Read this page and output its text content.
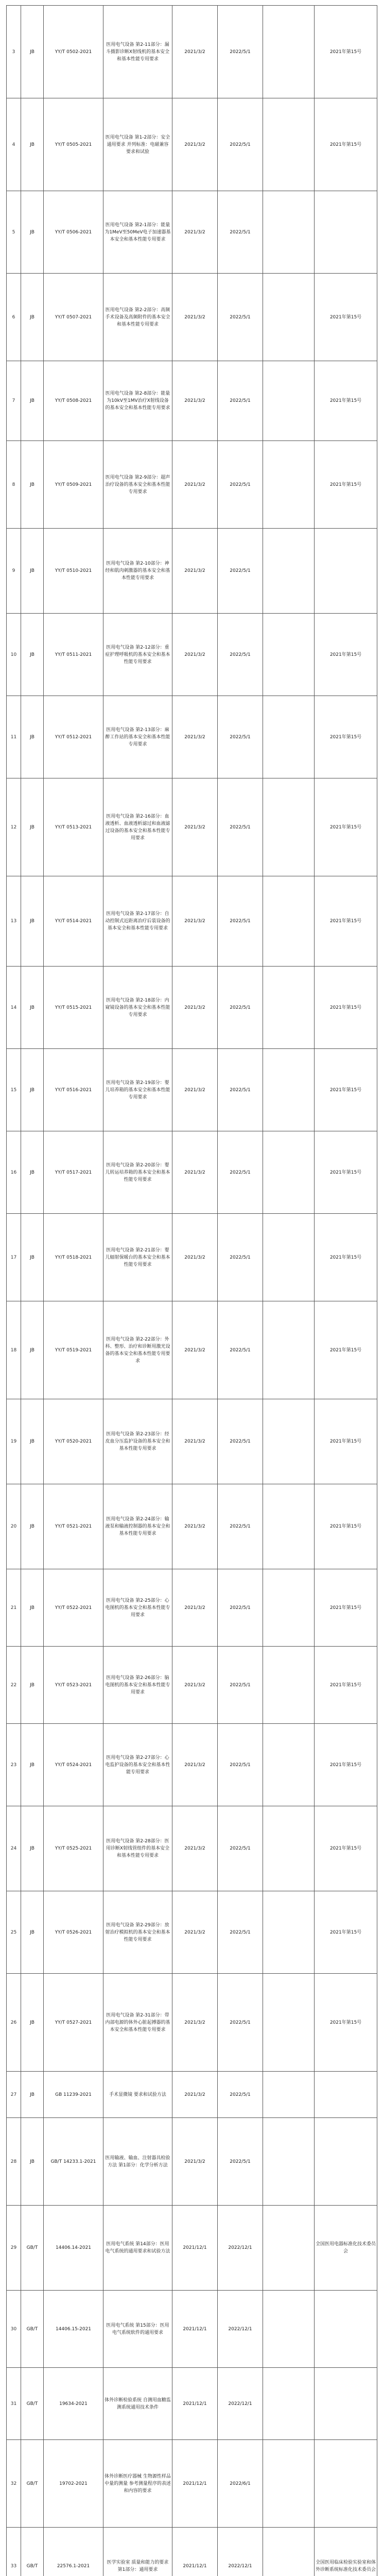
3	JB	YY/T 0502-2021	医用电气设备 第2-11部分：漏斗摄影诊断X射线机的基本安全和基本性能专用要求	2021/3/2	2022/5/1		2021年第15号
4	JB	YY/T 0505-2021	医用电气设备 第1-2部分：安全通用要求 并列标准：电磁兼容 要求和试验	2021/3/2	2022/5/1		2021年第15号
5	JB	YY/T 0506-2021	医用电气设备 第2-1部分：能量为1MeV至50MeV电子加速器基本安全和基本性能专用要求	2021/3/2	2022/5/1		
6	JB	YY/T 0507-2021	医用电气设备 第2-2部分：高频手术设备及高频附件的基本安全和基本性能专用要求	2021/3/2	2022/5/1		2021年第15号
7	JB	YY/T 0508-2021	医用电气设备 第2-8部分：能量为10kV至1MV治疗X射线设备的基本安全和基本性能专用要求	2021/3/2	2022/5/1		2021年第15号
8	JB	YY/T 0509-2021	医用电气设备 第2-9部分：超声治疗设备的基本安全和基本性能专用要求	2021/3/2	2022/5/1		2021年第15号
9	JB	YY/T 0510-2021	医用电气设备 第2-10部分：神经和肌肉刺激器的基本安全和基本性能专用要求	2021/3/2	2022/5/1		
10	JB	YY/T 0511-2021	医用电气设备 第2-12部分：重症护理呼吸机的基本安全和基本性能专用要求	2021/3/2	2022/5/1		2021年第15号
11	JB	YY/T 0512-2021	医用电气设备 第2-13部分：麻醉工作站的基本安全和基本性能专用要求	2021/3/2	2022/5/1		2021年第15号
12	JB	YY/T 0513-2021	医用电气设备 第2-16部分：血液透析、血液透析滤过和血液滤过设备的基本安全和基本性能专用要求	2021/3/2	2022/5/1		2021年第15号
13	JB	YY/T 0514-2021	医用电气设备 第2-17部分：自动控制式近距离治疗后装设备的基本安全和基本性能专用要求	2021/3/2	2022/5/1		2021年第15号
14	JB	YY/T 0515-2021	医用电气设备 第2-18部分：内窥镜设备的基本安全和基本性能专用要求	2021/3/2	2022/5/1		2021年第15号
15	JB	YY/T 0516-2021	医用电气设备 第2-19部分：婴儿培养箱的基本安全和基本性能专用要求	2021/3/2	2022/5/1		2021年第15号
16	JB	YY/T 0517-2021	医用电气设备 第2-20部分：婴儿转运培养箱的基本安全和基本性能专用要求	2021/3/2	2022/5/1		2021年第15号
17	JB	YY/T 0518-2021	医用电气设备 第2-21部分：婴儿辐射保暖台的基本安全和基本性能专用要求	2021/3/2	2022/5/1		2021年第15号
18	JB	YY/T 0519-2021	医用电气设备 第2-22部分：外科、整形、治疗和诊断用激光设备的基本安全和基本性能专用要求	2021/3/2	2022/5/1		2021年第15号
19	JB	YY/T 0520-2021	医用电气设备 第2-23部分：经皮血分压监护设备的基本安全和基本性能专用要求	2021/3/2	2022/5/1		2021年第15号
20	JB	YY/T 0521-2021	医用电气设备 第2-24部分：输液泵和输液控制器的基本安全和基本性能专用要求	2021/3/2	2022/5/1		2021年第15号
21	JB	YY/T 0522-2021	医用电气设备 第2-25部分：心电图机的基本安全和基本性能专用要求	2021/3/2	2022/5/1		2021年第15号
22	JB	YY/T 0523-2021	医用电气设备 第2-26部分：脑电图机的基本安全和基本性能专用要求	2021/3/2	2022/5/1		2021年第15号
23	JB	YY/T 0524-2021	医用电气设备 第2-27部分：心电监护设备的基本安全和基本性能专用要求	2021/3/2	2022/5/1		2021年第15号
24	JB	YY/T 0525-2021	医用电气设备 第2-28部分：医用诊断X射线管组件的基本安全和基本性能专用要求	2021/3/2	2022/5/1		2021年第15号
25	JB	YY/T 0526-2021	医用电气设备 第2-29部分：放射治疗模拟机的基本安全和基本性能专用要求	2021/3/2	2022/5/1		2021年第15号
26	JB	YY/T 0527-2021	医用电气设备 第2-31部分：带内部电源的体外心脏起搏器的基本安全和基本性能专用要求	2021/3/2	2022/5/1		2021年第15号
27	JB	GB 11239-2021	手术显微镜 要求和试验方法	2021/3/2	2022/5/1		
28	JB	GB/T 14233.1-2021	医用输液、输血、注射器具检验方法 第1部分：化学分析方法	2021/3/2	2022/5/1		
29	GB/T	14406.14-2021	医用电气系统 第14部分：医用电气系统的通用要求和试验方法	2021/12/1	2022/12/1		全国医用电器标准化技术委员会
30	GB/T	14406.15-2021	医用电气系统 第15部分：医用电气系统软件的通用要求	2021/12/1	2022/12/1		
31	GB/T	19634-2021	体外诊断检验系统 自测用血糖监测系统通用技术条件	2021/12/1	2022/12/1		
32	GB/T	19702-2021	体外诊断医疗器械 生物源性样品中量的测量 参考测量程序的表述和内容的要求	2021/12/1	2022/6/1		
33	GB/T	22576.1-2021	医学实验室 质量和能力的要求 第1部分：通用要求	2021/12/1	2022/12/1		全国医用临床检验实验室和体外诊断系统标准化技术委员会
